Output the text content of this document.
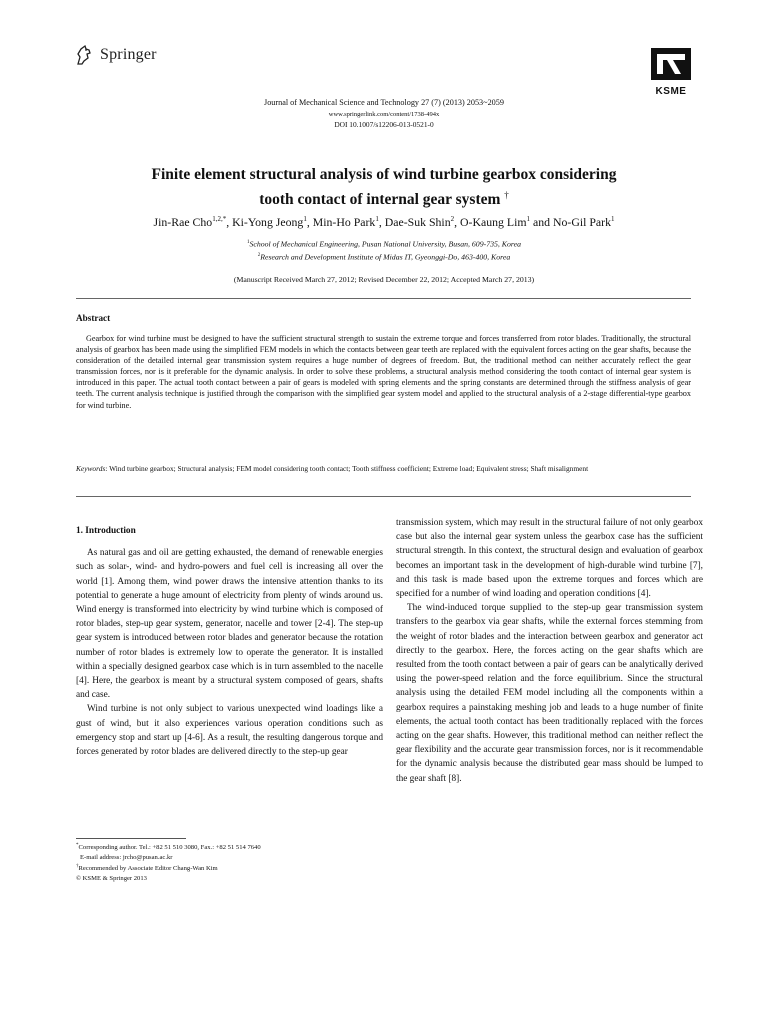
Springer
KSME
Journal of Mechanical Science and Technology 27 (7) (2013) 2053~2059
www.springerlink.com/content/1738-494x
DOI 10.1007/s12206-013-0521-0
Finite element structural analysis of wind turbine gearbox considering
tooth contact of internal gear system †
Jin-Rae Cho$^{1,2,*}$, Ki-Yong Jeong$^1$, Min-Ho Park$^1$, Dae-Suk Shin$^2$, O-Kaung Lim$^1$ and No-Gil Park$^1$
$^1$School of Mechanical Engineering, Pusan National University, Busan, 609-735, Korea
$^2$Research and Development Institute of Midas IT, Gyeonggi-Do, 463-400, Korea
(Manuscript Received March 27, 2012; Revised December 22, 2012; Accepted March 27, 2013)
Abstract

Gearbox for wind turbine must be designed to have the sufficient structural strength to sustain the extreme torque and forces transferred from rotor blades. Traditionally, the structural analysis of gearbox has been made using the simplified FEM models in which the contacts between gear teeth are replaced with the equivalent forces acting on the gear shafts, because the consideration of the detailed internal gear transmission system requires a huge number of degrees of freedom. But, the traditional method can neither accurately reflect the gear transmission forces, nor is it preferable for the dynamic analysis. In order to solve these problems, a structural analysis method considering the tooth contact of internal gear system is introduced in this paper. The actual tooth contact between a pair of gears is modeled with spring elements and the spring constants are determined through the stiffness analysis of gear teeth. The current analysis technique is justified through the comparison with the simplified gear system model and applied to the structural analysis of a 2-stage differential-type gearbox for wind turbine.

Keywords: Wind turbine gearbox; Structural analysis; FEM model considering tooth contact; Tooth stiffness coefficient; Extreme load; Equivalent stress; Shaft misalignment

1. Introduction

As natural gas and oil are getting exhausted, the demand of renewable energies such as solar-, wind- and hydro-powers and fuel cell is increasing all over the world [1]. Among them, wind power draws the intensive attention thanks to its potential to generate a huge amount of electricity from plenty of winds around us. Wind energy is transformed into electricity by wind turbine which is composed of rotor blades, step-up gear system, generator, nacelle and tower [2-4]. The step-up gear system is introduced between rotor blades and generator because the rotation number of rotor blades is extremely low to operate the generator. It is installed within a specially designed gearbox case which is in turn assembled to the nacelle [4]. Here, the gearbox is meant by a structural system composed of gears, shafts and case.

Wind turbine is not only subject to various unexpected wind loadings like a gust of wind, but it also experiences various operation conditions such as emergency stop and start up [4-6]. As a result, the resulting dangerous torque and forces generated by rotor blades are delivered directly to the step-up gear

transmission system, which may result in the structural failure of not only gearbox case but also the internal gear system unless the gearbox case has the sufficient structural strength. In this context, the structural design and evaluation of gearbox becomes an important task in the development of high-durable wind turbine [7], and this task is made based upon the extreme torques and forces which are specified for a number of wind loading and operation conditions [4].

The wind-induced torque supplied to the step-up gear transmission system transfers to the gearbox via gear shafts, while the external forces stemming from the weight of rotor blades and the interaction between gearbox and generator act directly to the gearbox. Here, the forces acting on the gear shafts which are resulted from the tooth contact between a pair of gears can be analytically derived using the power-speed relation and the force equilibrium. Since the structural analysis using the detailed FEM model including all the components within a gearbox requires a painstaking meshing job and leads to a huge number of finite elements, the actual tooth contact has been traditionally replaced with the forces acting on the gear shafts. However, this traditional method can neither reflect the gear flexibility and the accurate gear transmission forces, nor is it recommendable for the dynamic analysis because the distributed gear mass should be lumped to the gear shaft [8].

*Corresponding author. Tel.: +82 51 510 3080, Fax.: +82 51 514 7640
E-mail address: jrcho@pusan.ac.kr
†Recommended by Associate Editor Chang-Wan Kim
© KSME & Springer 2013
